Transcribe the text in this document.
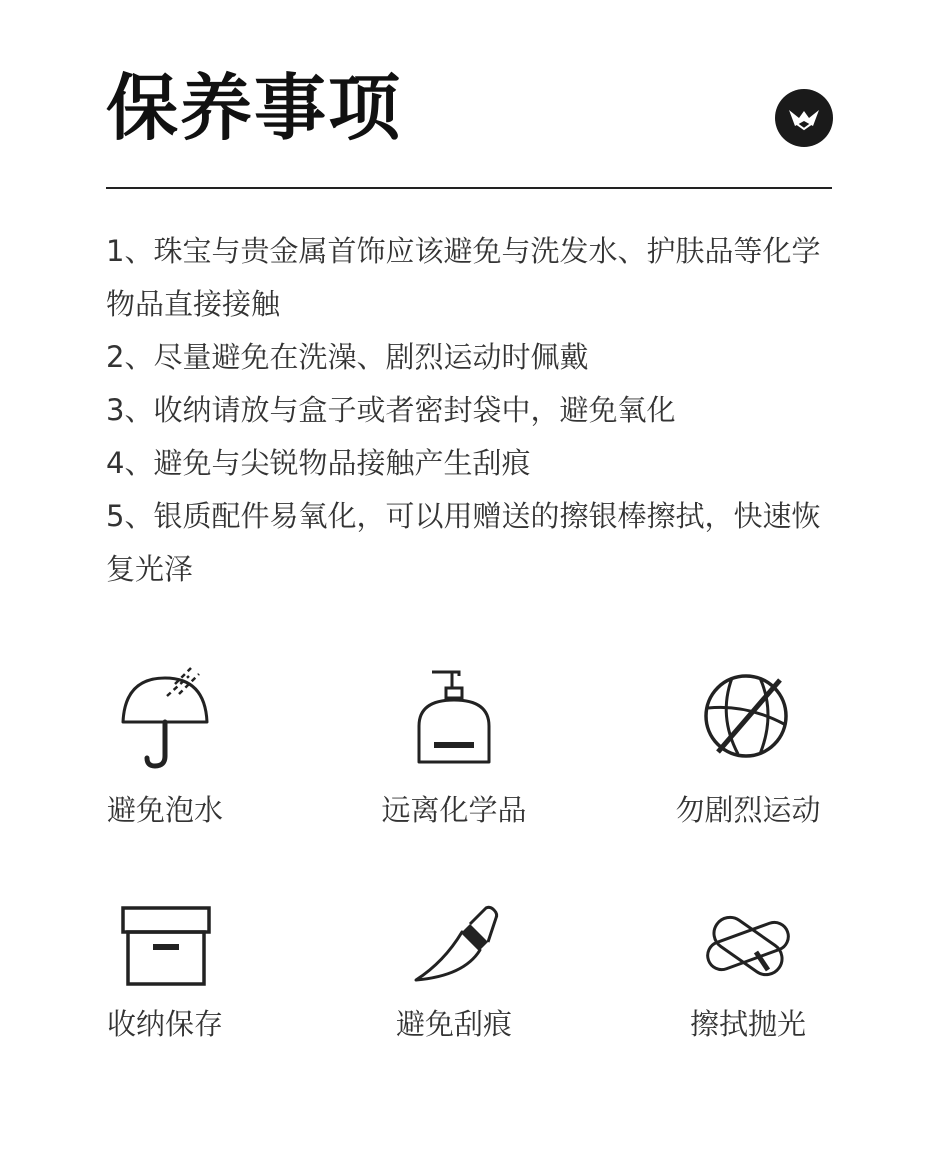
保养事项
1、珠宝与贵金属首饰应该避免与洗发水、护肤品等化学物品直接接触
2、尽量避免在洗澡、剧烈运动时佩戴
3、收纳请放与盒子或者密封袋中，避免氧化
4、避免与尖锐物品接触产生刮痕
5、银质配件易氧化，可以用赠送的擦银棒擦拭，快速恢复光泽
避免泡水	远离化学品	勿剧烈运动
收纳保存	避免刮痕	擦拭抛光
